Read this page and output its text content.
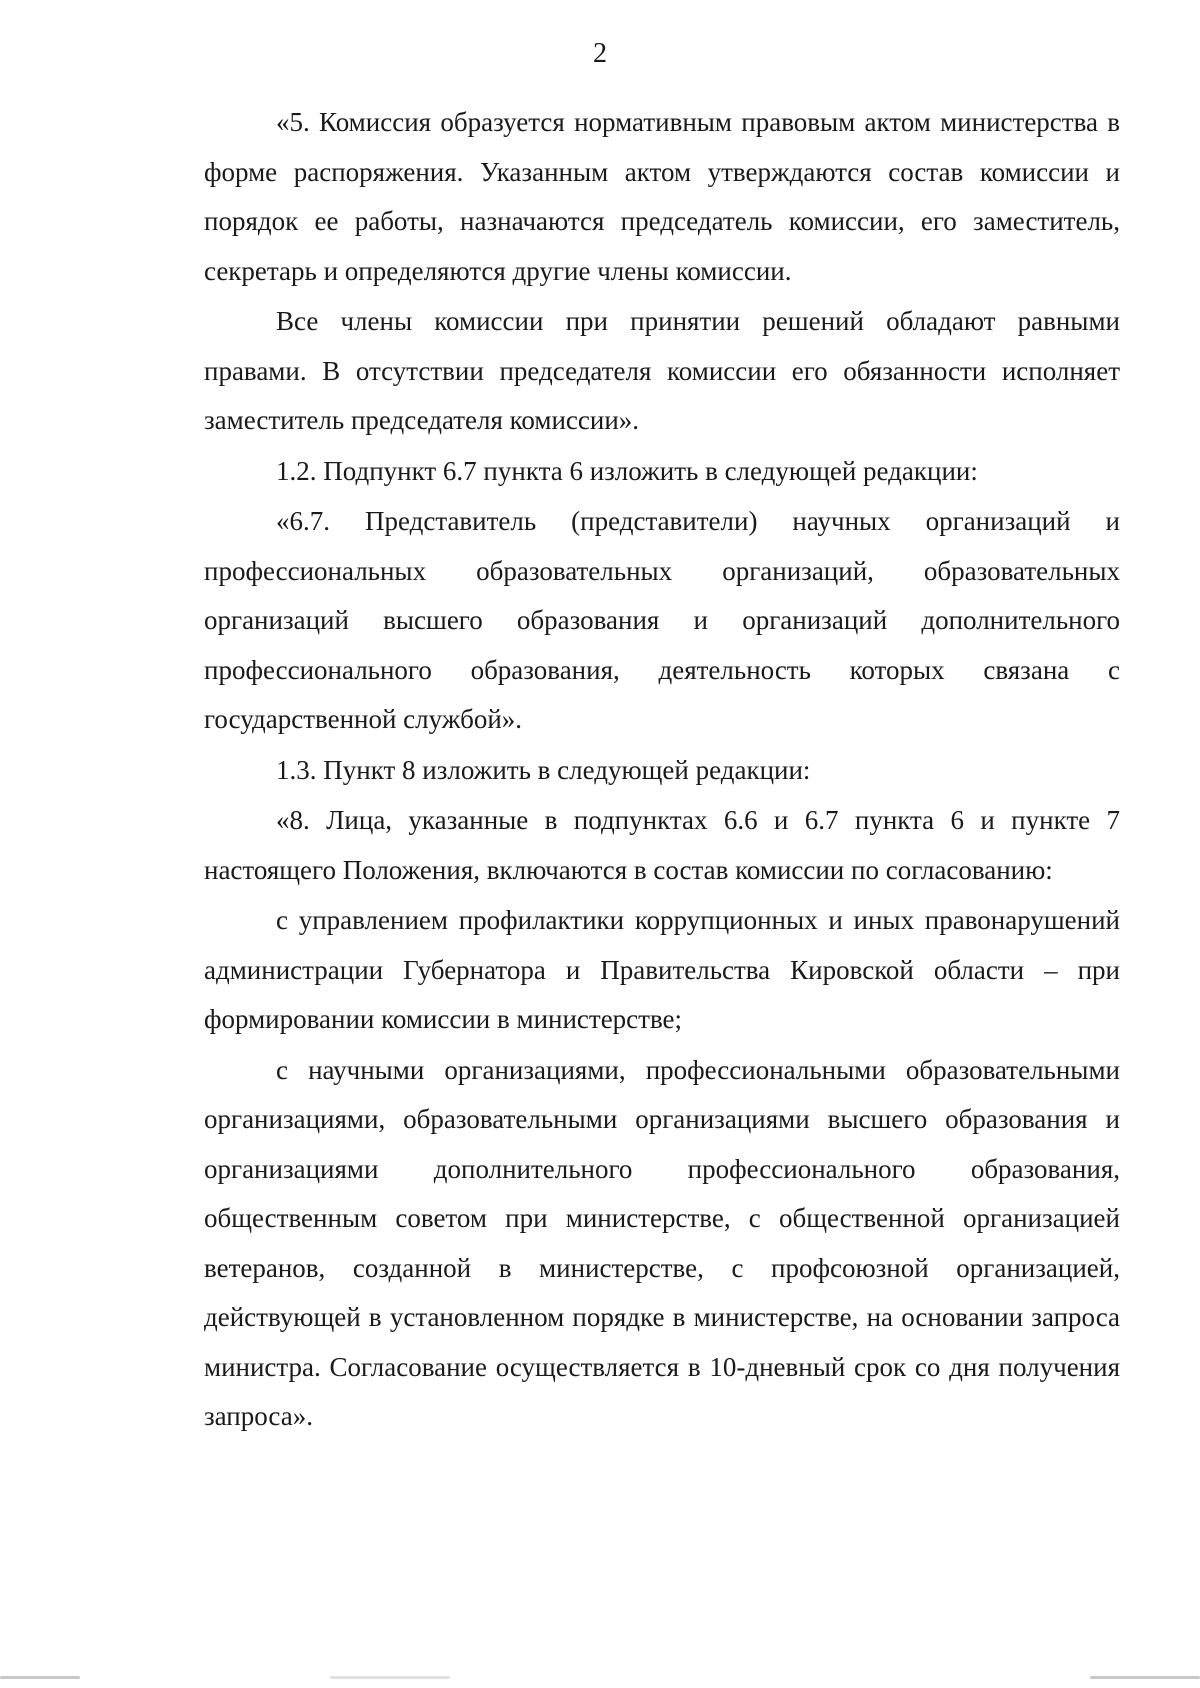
2

«5. Комиссия образуется нормативным правовым актом министерства в форме распоряжения. Указанным актом утверждаются состав комиссии и порядок ее работы, назначаются председатель комиссии, его заместитель, секретарь и определяются другие члены комиссии.

Все члены комиссии при принятии решений обладают равными правами. В отсутствии председателя комиссии его обязанности исполняет заместитель председателя комиссии».

1.2. Подпункт 6.7 пункта 6 изложить в следующей редакции:

«6.7. Представитель (представители) научных организаций и профессиональных образовательных организаций, образовательных организаций высшего образования и организаций дополнительного профессионального образования, деятельность которых связана с государственной службой».

1.3. Пункт 8 изложить в следующей редакции:

«8. Лица, указанные в подпунктах 6.6 и 6.7 пункта 6 и пункте 7 настоящего Положения, включаются в состав комиссии по согласованию:

с управлением профилактики коррупционных и иных правонарушений администрации Губернатора и Правительства Кировской области – при формировании комиссии в министерстве;

с научными организациями, профессиональными образовательными организациями, образовательными организациями высшего образования и организациями дополнительного профессионального образования, общественным советом при министерстве, с общественной организацией ветеранов, созданной в министерстве, с профсоюзной организацией, действующей в установленном порядке в министерстве, на основании запроса министра. Согласование осуществляется в 10-дневный срок со дня получения запроса».
